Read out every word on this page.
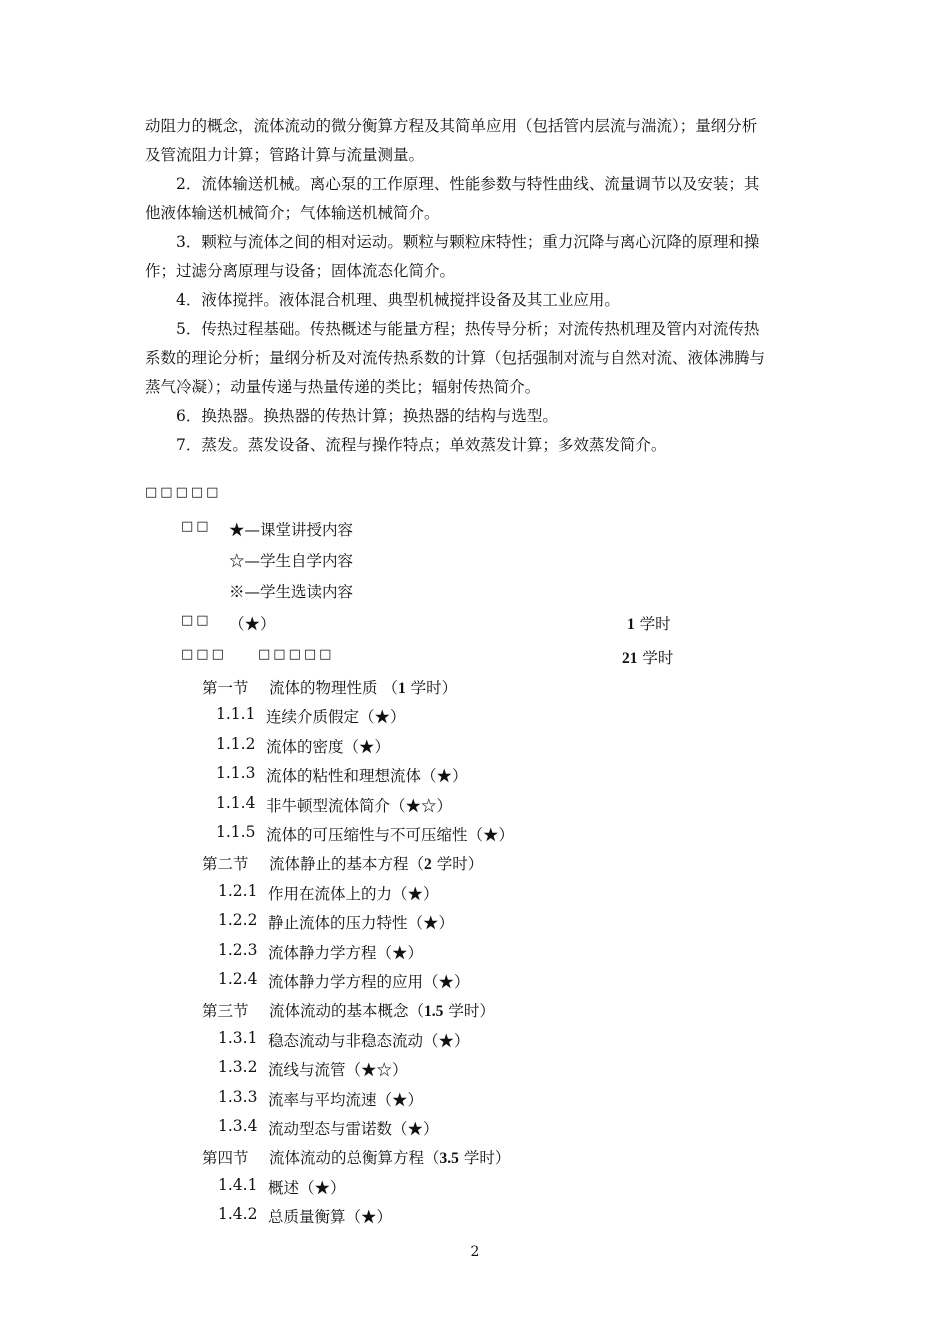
动阻力的概念，流体流动的微分衡算方程及其简单应用（包括管内层流与湍流）；量纲分析
及管流阻力计算；管路计算与流量测量。
2．流体输送机械。离心泵的工作原理、性能参数与特性曲线、流量调节以及安装；其
他液体输送机械简介；气体输送机械简介。
3．颗粒与流体之间的相对运动。颗粒与颗粒床特性；重力沉降与离心沉降的原理和操
作；过滤分离原理与设备；固体流态化简介。
4．液体搅拌。液体混合机理、典型机械搅拌设备及其工业应用。
5．传热过程基础。传热概述与能量方程；热传导分析；对流传热机理及管内对流传热
系数的理论分析；量纲分析及对流传热系数的计算（包括强制对流与自然对流、液体沸腾与
蒸气冷凝）；动量传递与热量传递的类比；辐射传热简介。
6．换热器。换热器的传热计算；换热器的结构与选型。
7．蒸发。蒸发设备、流程与操作特点；单效蒸发计算；多效蒸发简介。
□□□□□
□□ ★—课堂讲授内容
☆—学生自学内容
※—学生选读内容
□□ （★）	1 学时
□□□ □□□□□	21 学时
第一节 流体的物理性质 （1 学时）
1.1.1 连续介质假定（★）
1.1.2 流体的密度（★）
1.1.3 流体的粘性和理想流体（★）
1.1.4 非牛顿型流体简介（★☆）
1.1.5 流体的可压缩性与不可压缩性（★）
第二节 流体静止的基本方程（2 学时）
1.2.1 作用在流体上的力（★）
1.2.2 静止流体的压力特性（★）
1.2.3 流体静力学方程（★）
1.2.4 流体静力学方程的应用（★）
第三节 流体流动的基本概念（1.5 学时）
1.3.1 稳态流动与非稳态流动（★）
1.3.2 流线与流管（★☆）
1.3.3 流率与平均流速（★）
1.3.4 流动型态与雷诺数（★）
第四节 流体流动的总衡算方程（3.5 学时）
1.4.1 概述（★）
1.4.2 总质量衡算（★）
2
